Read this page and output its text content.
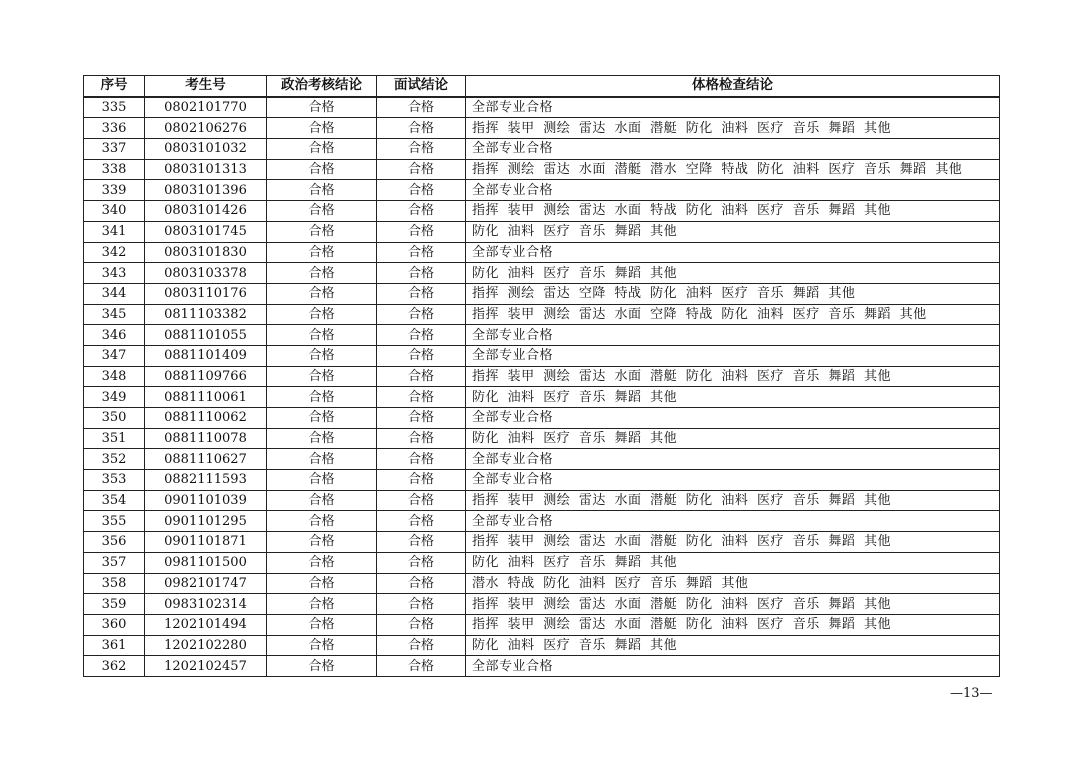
序号	考生号	政治考核结论	面试结论	体格检查结论
335	0802101770	合格	合格	全部专业合格
336	0802106276	合格	合格	指挥 装甲 测绘 雷达 水面 潜艇 防化 油料 医疗 音乐 舞蹈 其他
337	0803101032	合格	合格	全部专业合格
338	0803101313	合格	合格	指挥 测绘 雷达 水面 潜艇 潜水 空降 特战 防化 油料 医疗 音乐 舞蹈 其他
339	0803101396	合格	合格	全部专业合格
340	0803101426	合格	合格	指挥 装甲 测绘 雷达 水面 特战 防化 油料 医疗 音乐 舞蹈 其他
341	0803101745	合格	合格	防化 油料 医疗 音乐 舞蹈 其他
342	0803101830	合格	合格	全部专业合格
343	0803103378	合格	合格	防化 油料 医疗 音乐 舞蹈 其他
344	0803110176	合格	合格	指挥 测绘 雷达 空降 特战 防化 油料 医疗 音乐 舞蹈 其他
345	0811103382	合格	合格	指挥 装甲 测绘 雷达 水面 空降 特战 防化 油料 医疗 音乐 舞蹈 其他
346	0881101055	合格	合格	全部专业合格
347	0881101409	合格	合格	全部专业合格
348	0881109766	合格	合格	指挥 装甲 测绘 雷达 水面 潜艇 防化 油料 医疗 音乐 舞蹈 其他
349	0881110061	合格	合格	防化 油料 医疗 音乐 舞蹈 其他
350	0881110062	合格	合格	全部专业合格
351	0881110078	合格	合格	防化 油料 医疗 音乐 舞蹈 其他
352	0881110627	合格	合格	全部专业合格
353	0882111593	合格	合格	全部专业合格
354	0901101039	合格	合格	指挥 装甲 测绘 雷达 水面 潜艇 防化 油料 医疗 音乐 舞蹈 其他
355	0901101295	合格	合格	全部专业合格
356	0901101871	合格	合格	指挥 装甲 测绘 雷达 水面 潜艇 防化 油料 医疗 音乐 舞蹈 其他
357	0981101500	合格	合格	防化 油料 医疗 音乐 舞蹈 其他
358	0982101747	合格	合格	潜水 特战 防化 油料 医疗 音乐 舞蹈 其他
359	0983102314	合格	合格	指挥 装甲 测绘 雷达 水面 潜艇 防化 油料 医疗 音乐 舞蹈 其他
360	1202101494	合格	合格	指挥 装甲 测绘 雷达 水面 潜艇 防化 油料 医疗 音乐 舞蹈 其他
361	1202102280	合格	合格	防化 油料 医疗 音乐 舞蹈 其他
362	1202102457	合格	合格	全部专业合格
—13—
